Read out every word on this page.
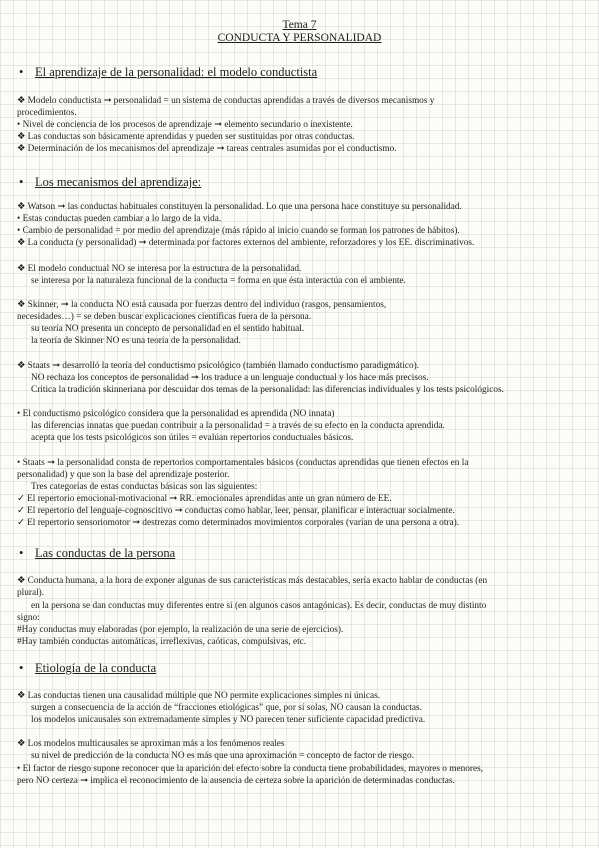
Tema 7
CONDUCTA Y PERSONALIDAD
• El aprendizaje de la personalidad: el modelo conductista
❖ Modelo conductista ➞ personalidad = un sistema de conductas aprendidas a través de diversos mecanismos y
procedimientos.
• Nivel de conciencia de los procesos de aprendizaje ➞ elemento secundario o inexistente.
❖ Las conductas son básicamente aprendidas y pueden ser sustituidas por otras conductas.
❖ Determinación de los mecanismos del aprendizaje ➞ tareas centrales asumidas por el conductismo.
• Los mecanismos del aprendizaje:
❖ Watson ➞ las conductas habituales constituyen la personalidad. Lo que una persona hace constituye su personalidad.
• Estas conductas pueden cambiar a lo largo de la vida.
• Cambio de personalidad = por medio del aprendizaje (más rápido al inicio cuando se forman los patrones de hábitos).
❖ La conducta (y personalidad) ➞ determinada por factores externos del ambiente, reforzadores y los EE. discriminativos.
❖ El modelo conductual NO se interesa por la estructura de la personalidad.
se interesa por la naturaleza funcional de la conducta = forma en que ésta interactúa con el ambiente.
❖ Skinner, ➞ la conducta NO está causada por fuerzas dentro del individuo (rasgos, pensamientos,
necesidades…) = se deben buscar explicaciones científicas fuera de la persona.
su teoría NO presenta un concepto de personalidad en el sentido habitual.
la teoría de Skinner NO es una teoría de la personalidad.
❖ Staats ➞ desarrolló la teoría del conductismo psicológico (también llamado conductismo paradigmático).
NO rechaza los conceptos de personalidad ➞ los traduce a un lenguaje conductual y los hace más precisos.
Critica la tradición skinneriana por descuidar dos temas de la personalidad: las diferencias individuales y los tests psicológicos.
• El conductismo psicológico considera que la personalidad es aprendida (NO innata)
las diferencias innatas que puedan contribuir a la personalidad = a través de su efecto en la conducta aprendida.
acepta que los tests psicológicos son útiles = evalúan repertorios conductuales básicos.
• Staats ➞ la personalidad consta de repertorios comportamentales básicos (conductas aprendidas que tienen efectos en la
personalidad) y que son la base del aprendizaje posterior.
Tres categorías de estas conductas básicas son las siguientes:
✓ El repertorio emocional-motivacional ➞ RR. emocionales aprendidas ante un gran número de EE.
✓ El repertorio del lenguaje-cognoscitivo ➞ conductas como hablar, leer, pensar, planificar e interactuar socialmente.
✓ El repertorio sensoriomotor ➞ destrezas como determinados movimientos corporales (varían de una persona a otra).
• Las conductas de la persona
❖ Conducta humana, a la hora de exponer algunas de sus características más destacables, sería exacto hablar de conductas (en
plural).
en la persona se dan conductas muy diferentes entre sí (en algunos casos antagónicas). Es decir, conductas de muy distinto
signo:
#Hay conductas muy elaboradas (por ejemplo, la realización de una serie de ejercicios).
#Hay también conductas automáticas, irreflexivas, caóticas, compulsivas, etc.
• Etiología de la conducta
❖ Las conductas tienen una causalidad múltiple que NO permite explicaciones simples ni únicas.
surgen a consecuencia de la acción de “fracciones etiológicas” que, por sí solas, NO causan la conductas.
los modelos unicausales son extremadamente simples y NO parecen tener suficiente capacidad predictiva.
❖ Los modelos multicausales se aproximan más a los fenómenos reales
su nivel de predicción de la conducta NO es más que una aproximación = concepto de factor de riesgo.
• El factor de riesgo supone reconocer que la aparición del efecto sobre la conducta tiene probabilidades, mayores o menores,
pero NO certeza ➞ implica el reconocimiento de la ausencia de certeza sobre la aparición de determinadas conductas.
